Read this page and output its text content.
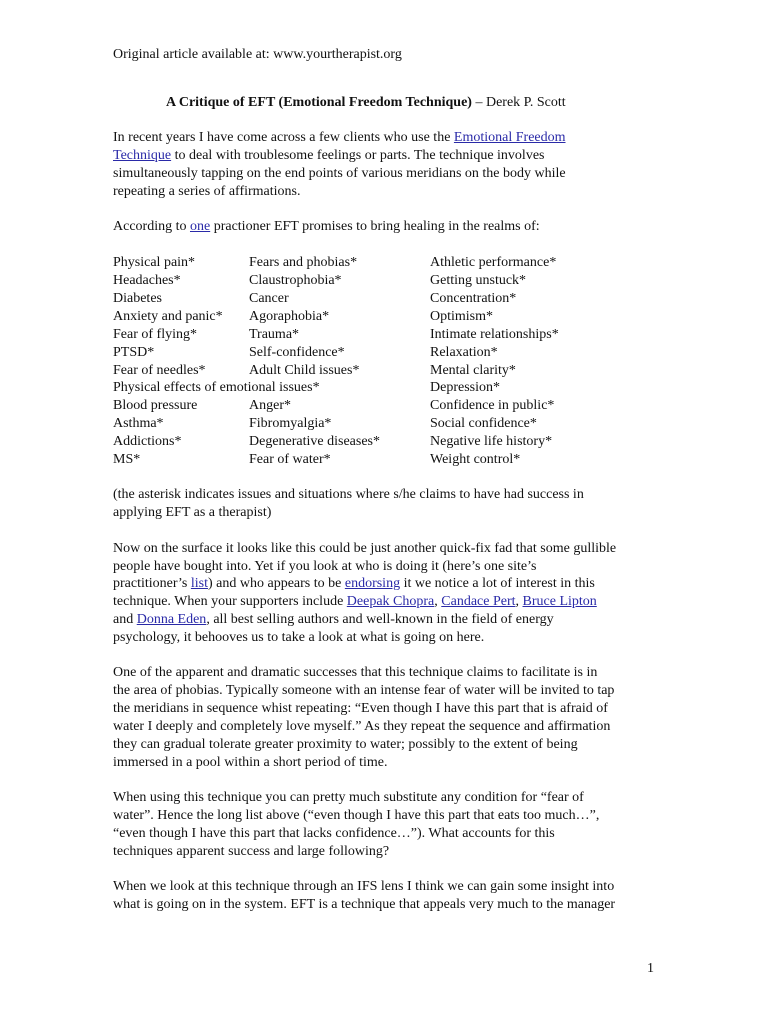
Original article available at: www.yourtherapist.org
A Critique of EFT (Emotional Freedom Technique) – Derek P. Scott
In recent years I have come across a few clients who use the Emotional Freedom
Technique to deal with troublesome feelings or parts. The technique involves
simultaneously tapping on the end points of various meridians on the body while
repeating a series of affirmations.
According to one practioner EFT promises to bring healing in the realms of:
Physical pain*	Fears and phobias*	Athletic performance*
Headaches*	Claustrophobia*	Getting unstuck*
Diabetes	Cancer	Concentration*
Anxiety and panic* Agoraphobia*	Optimism*
Fear of flying*	Trauma*	Intimate relationships*
PTSD*	Self-confidence*	Relaxation*
Fear of needles*	Adult Child issues*	Mental clarity*
Physical effects of emotional issues*	Depression*
Blood pressure	Anger*	Confidence in public*
Asthma*	Fibromyalgia*	Social confidence*
Addictions*	Degenerative diseases*	Negative life history*
MS*	Fear of water*	Weight control*
(the asterisk indicates issues and situations where s/he claims to have had success in
applying EFT as a therapist)
Now on the surface it looks like this could be just another quick-fix fad that some gullible
people have bought into. Yet if you look at who is doing it (here’s one site’s
practitioner’s list) and who appears to be endorsing it we notice a lot of interest in this
technique. When your supporters include Deepak Chopra, Candace Pert, Bruce Lipton
and Donna Eden, all best selling authors and well-known in the field of energy
psychology, it behooves us to take a look at what is going on here.
One of the apparent and dramatic successes that this technique claims to facilitate is in
the area of phobias. Typically someone with an intense fear of water will be invited to tap
the meridians in sequence whist repeating: “Even though I have this part that is afraid of
water I deeply and completely love myself.” As they repeat the sequence and affirmation
they can gradual tolerate greater proximity to water; possibly to the extent of being
immersed in a pool within a short period of time.
When using this technique you can pretty much substitute any condition for “fear of
water”. Hence the long list above (“even though I have this part that eats too much…”,
“even though I have this part that lacks confidence…”). What accounts for this
techniques apparent success and large following?
When we look at this technique through an IFS lens I think we can gain some insight into
what is going on in the system. EFT is a technique that appeals very much to the manager
1
